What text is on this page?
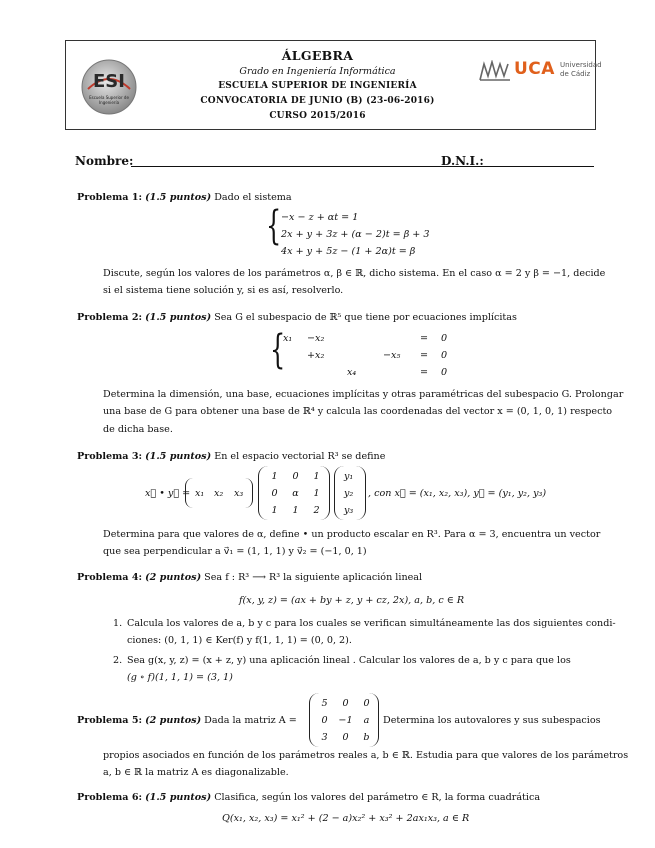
ESI
Escuela Superior de Ingeniería
UCA Universidad
de Cádiz
ÁLGEBRA
Grado en Ingeniería Informática
ESCUELA SUPERIOR DE INGENIERÍA
CONVOCATORIA DE JUNIO (B) (23-06-2016)
CURSO 2015/2016
Nombre:	D.N.I.:
Problema 1: (1.5 puntos) Dado el sistema
{ −x − z + αt = 1
2x + y + 3z + (α − 2)t = β + 3
4x + y + 5z − (1 + 2α)t = β
Discute, según los valores de los parámetros α, β ∈ ℝ, dicho sistema. En el caso α = 2 y β = −1, decide
si el sistema tiene solución y, si es así, resolverlo.
Problema 2: (1.5 puntos) Sea G el subespacio de ℝ⁵ que tiene por ecuaciones implícitas
{
x₁	−x₂			=	0
	+x₂		−x₅	=	0
		x₄		=	0
Determina la dimensión, una base, ecuaciones implícitas y otras paramétricas del subespacio G. Prolongar
una base de G para obtener una base de ℝ⁴ y calcula las coordenadas del vector x = (0, 1, 0, 1) respecto
de dicha base.
Problema 3: (1.5 puntos) En el espacio vectorial R³ se define
x⃗ • y⃗ = x₁ x₂ x₃
1	0	1
0	α	1
1	1	2
y₁
y₂
y₃
, con x⃗ = (x₁, x₂, x₃), y⃗ = (y₁, y₂, y₃)
Determina para que valores de α, define • un producto escalar en R³. Para α = 3, encuentra un vector
que sea perpendicular a v⃗₁ = (1, 1, 1) y v⃗₂ = (−1, 0, 1)
Problema 4: (2 puntos) Sea f : R³ ⟶ R³ la siguiente aplicación lineal
f(x, y, z) = (ax + by + z, y + cz, 2x), a, b, c ∈ R
1. Calcula los valores de a, b y c para los cuales se verifican simultáneamente las dos siguientes condi-
ciones: (0, 1, 1) ∈ Ker(f) y f(1, 1, 1) = (0, 0, 2).
2. Sea g(x, y, z) = (x + z, y) una aplicación lineal . Calcular los valores de a, b y c para que los
(g ∘ f)(1, 1, 1) = (3, 1)
Problema 5: (2 puntos) Dada la matriz A =
5	0	0
0	−1	a
3	0	b
Determina los autovalores y sus subespacios
propios asociados en función de los parámetros reales a, b ∈ ℝ. Estudia para que valores de los parámetros
a, b ∈ ℝ la matriz A es diagonalizable.
Problema 6: (1.5 puntos) Clasifica, según los valores del parámetro ∈ R, la forma cuadrática
Q(x₁, x₂, x₃) = x₁² + (2 − a)x₂² + x₃² + 2ax₁x₃, a ∈ R
